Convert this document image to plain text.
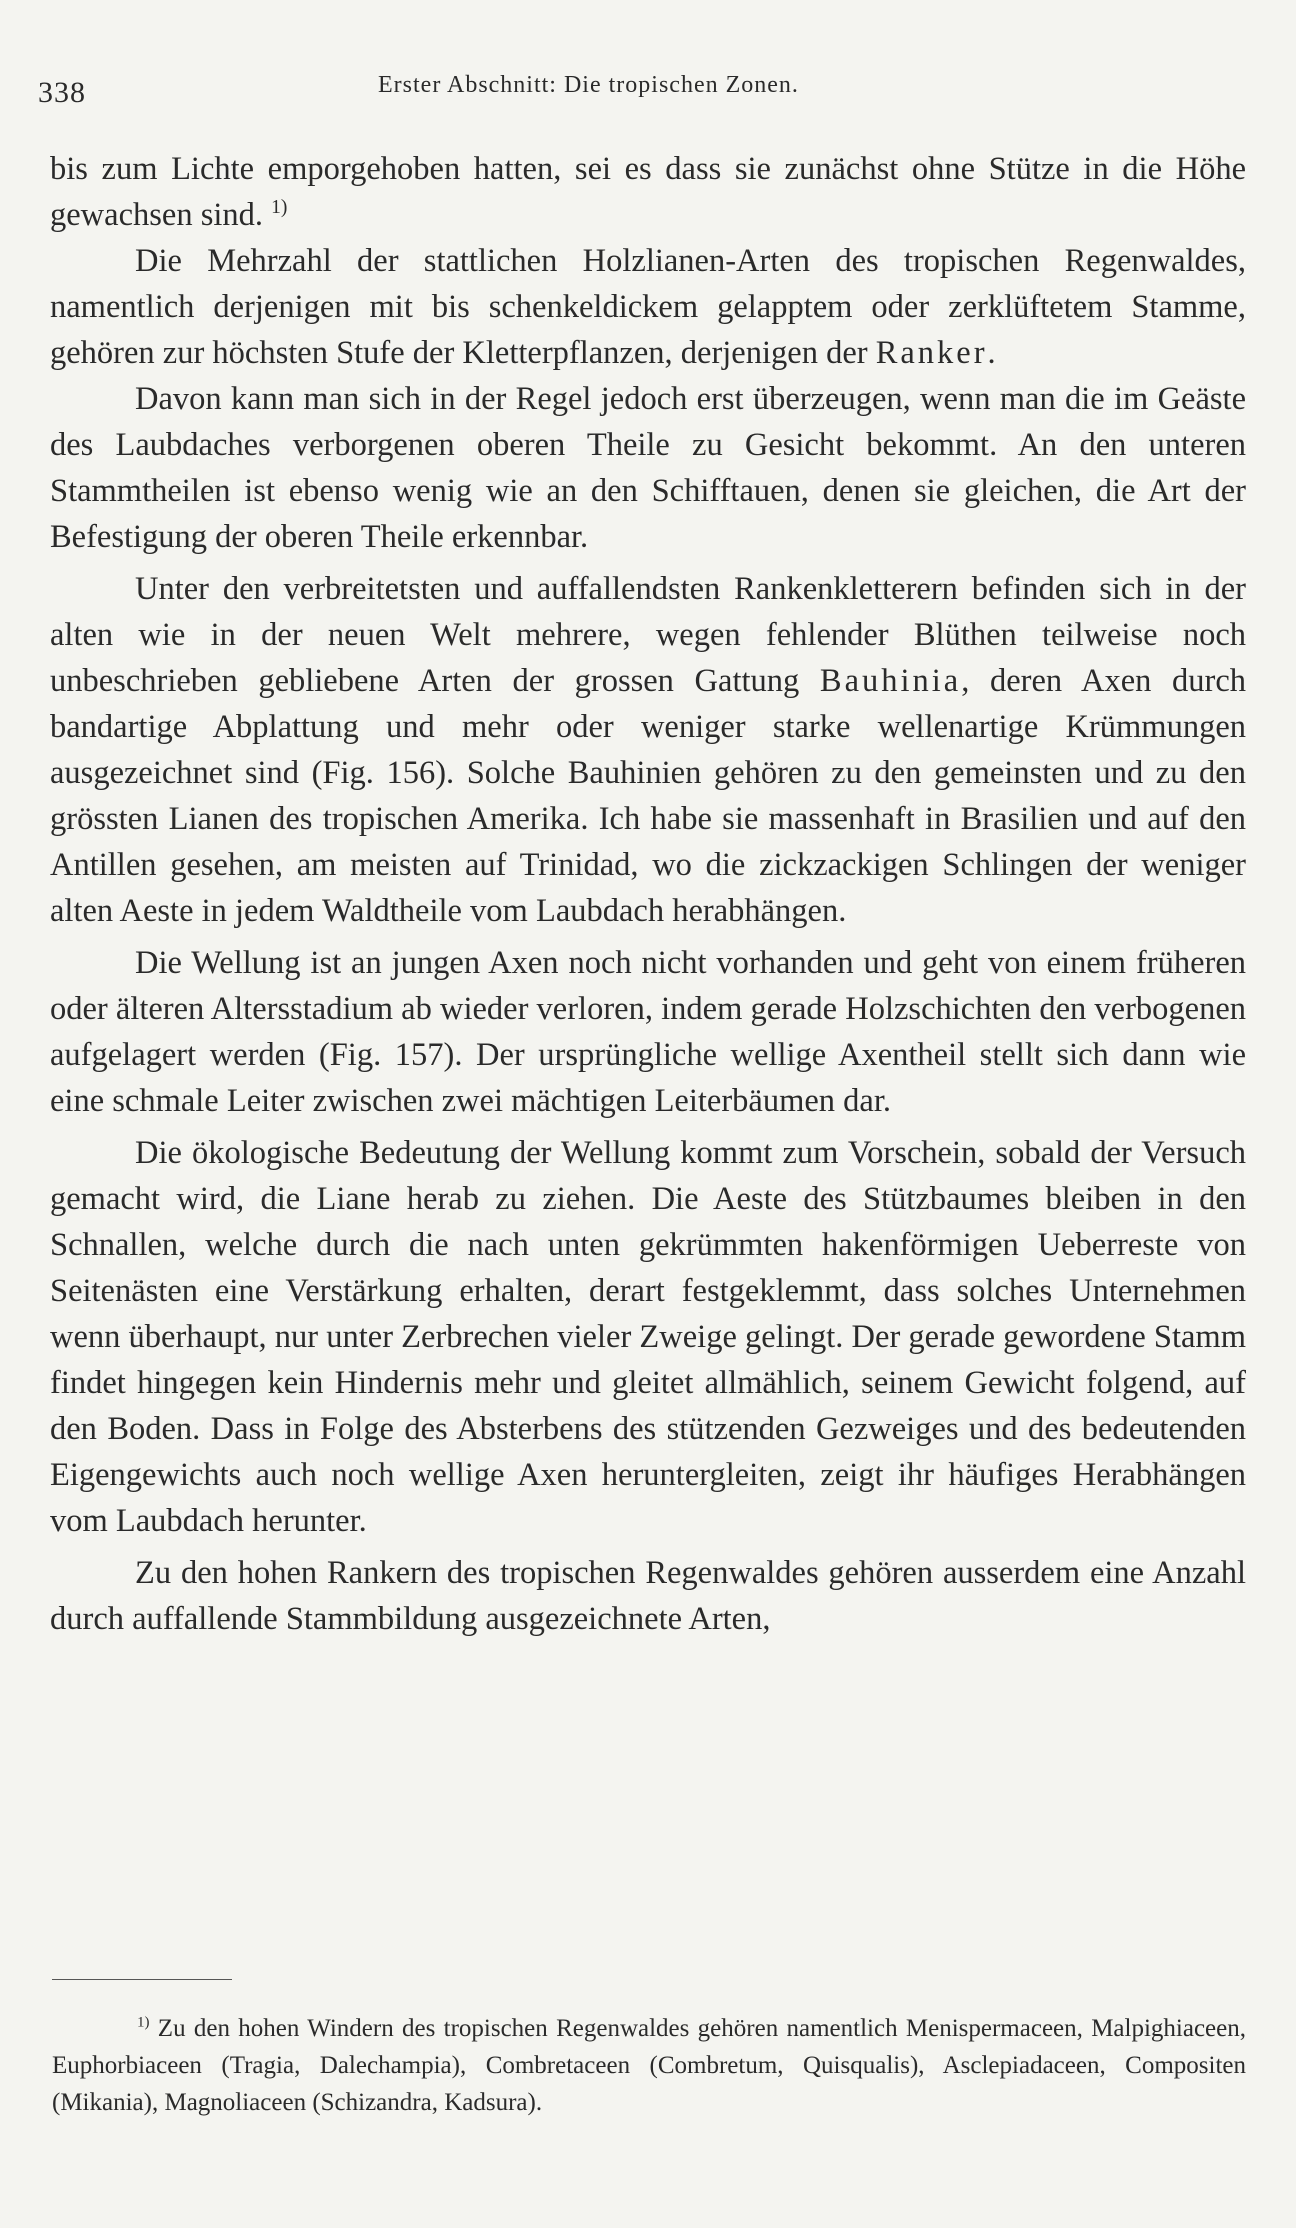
338	Erster Abschnitt: Die tropischen Zonen.

bis zum Lichte emporgehoben hatten, sei es dass sie zunächst ohne Stütze in die Höhe gewachsen sind. $^{1)}$

Die Mehrzahl der stattlichen Holzlianen-Arten des tropischen Regenwaldes, namentlich derjenigen mit bis schenkeldickem gelapptem oder zerklüftetem Stamme, gehören zur höchsten Stufe der Kletterpflanzen, derjenigen der Ranker.

Davon kann man sich in der Regel jedoch erst überzeugen, wenn man die im Geäste des Laubdaches verborgenen oberen Theile zu Gesicht bekommt. An den unteren Stammtheilen ist ebenso wenig wie an den Schifftauen, denen sie gleichen, die Art der Befestigung der oberen Theile erkennbar.

Unter den verbreitetsten und auffallendsten Rankenkletterern befinden sich in der alten wie in der neuen Welt mehrere, wegen fehlender Blüthen teilweise noch unbeschrieben gebliebene Arten der grossen Gattung Bauhinia, deren Axen durch bandartige Abplattung und mehr oder weniger starke wellenartige Krümmungen ausgezeichnet sind (Fig. 156). Solche Bauhinien gehören zu den gemeinsten und zu den grössten Lianen des tropischen Amerika. Ich habe sie massenhaft in Brasilien und auf den Antillen gesehen, am meisten auf Trinidad, wo die zickzackigen Schlingen der weniger alten Aeste in jedem Waldtheile vom Laubdach herabhängen.

Die Wellung ist an jungen Axen noch nicht vorhanden und geht von einem früheren oder älteren Altersstadium ab wieder verloren, indem gerade Holzschichten den verbogenen aufgelagert werden (Fig. 157). Der ursprüngliche wellige Axentheil stellt sich dann wie eine schmale Leiter zwischen zwei mächtigen Leiterbäumen dar.

Die ökologische Bedeutung der Wellung kommt zum Vorschein, sobald der Versuch gemacht wird, die Liane herab zu ziehen. Die Aeste des Stützbaumes bleiben in den Schnallen, welche durch die nach unten gekrümmten hakenförmigen Ueberreste von Seitenästen eine Verstärkung erhalten, derart festgeklemmt, dass solches Unternehmen wenn überhaupt, nur unter Zerbrechen vieler Zweige gelingt. Der gerade gewordene Stamm findet hingegen kein Hindernis mehr und gleitet allmählich, seinem Gewicht folgend, auf den Boden. Dass in Folge des Absterbens des stützenden Gezweiges und des bedeutenden Eigengewichts auch noch wellige Axen heruntergleiten, zeigt ihr häufiges Herabhängen vom Laubdach herunter.

Zu den hohen Rankern des tropischen Regenwaldes gehören ausserdem eine Anzahl durch auffallende Stammbildung ausgezeichnete Arten,

$^{1)}$ Zu den hohen Windern des tropischen Regenwaldes gehören namentlich Menispermaceen, Malpighiaceen, Euphorbiaceen (Tragia, Dalechampia), Combretaceen (Combretum, Quisqualis), Asclepiadaceen, Compositen (Mikania), Magnoliaceen (Schizandra, Kadsura).
